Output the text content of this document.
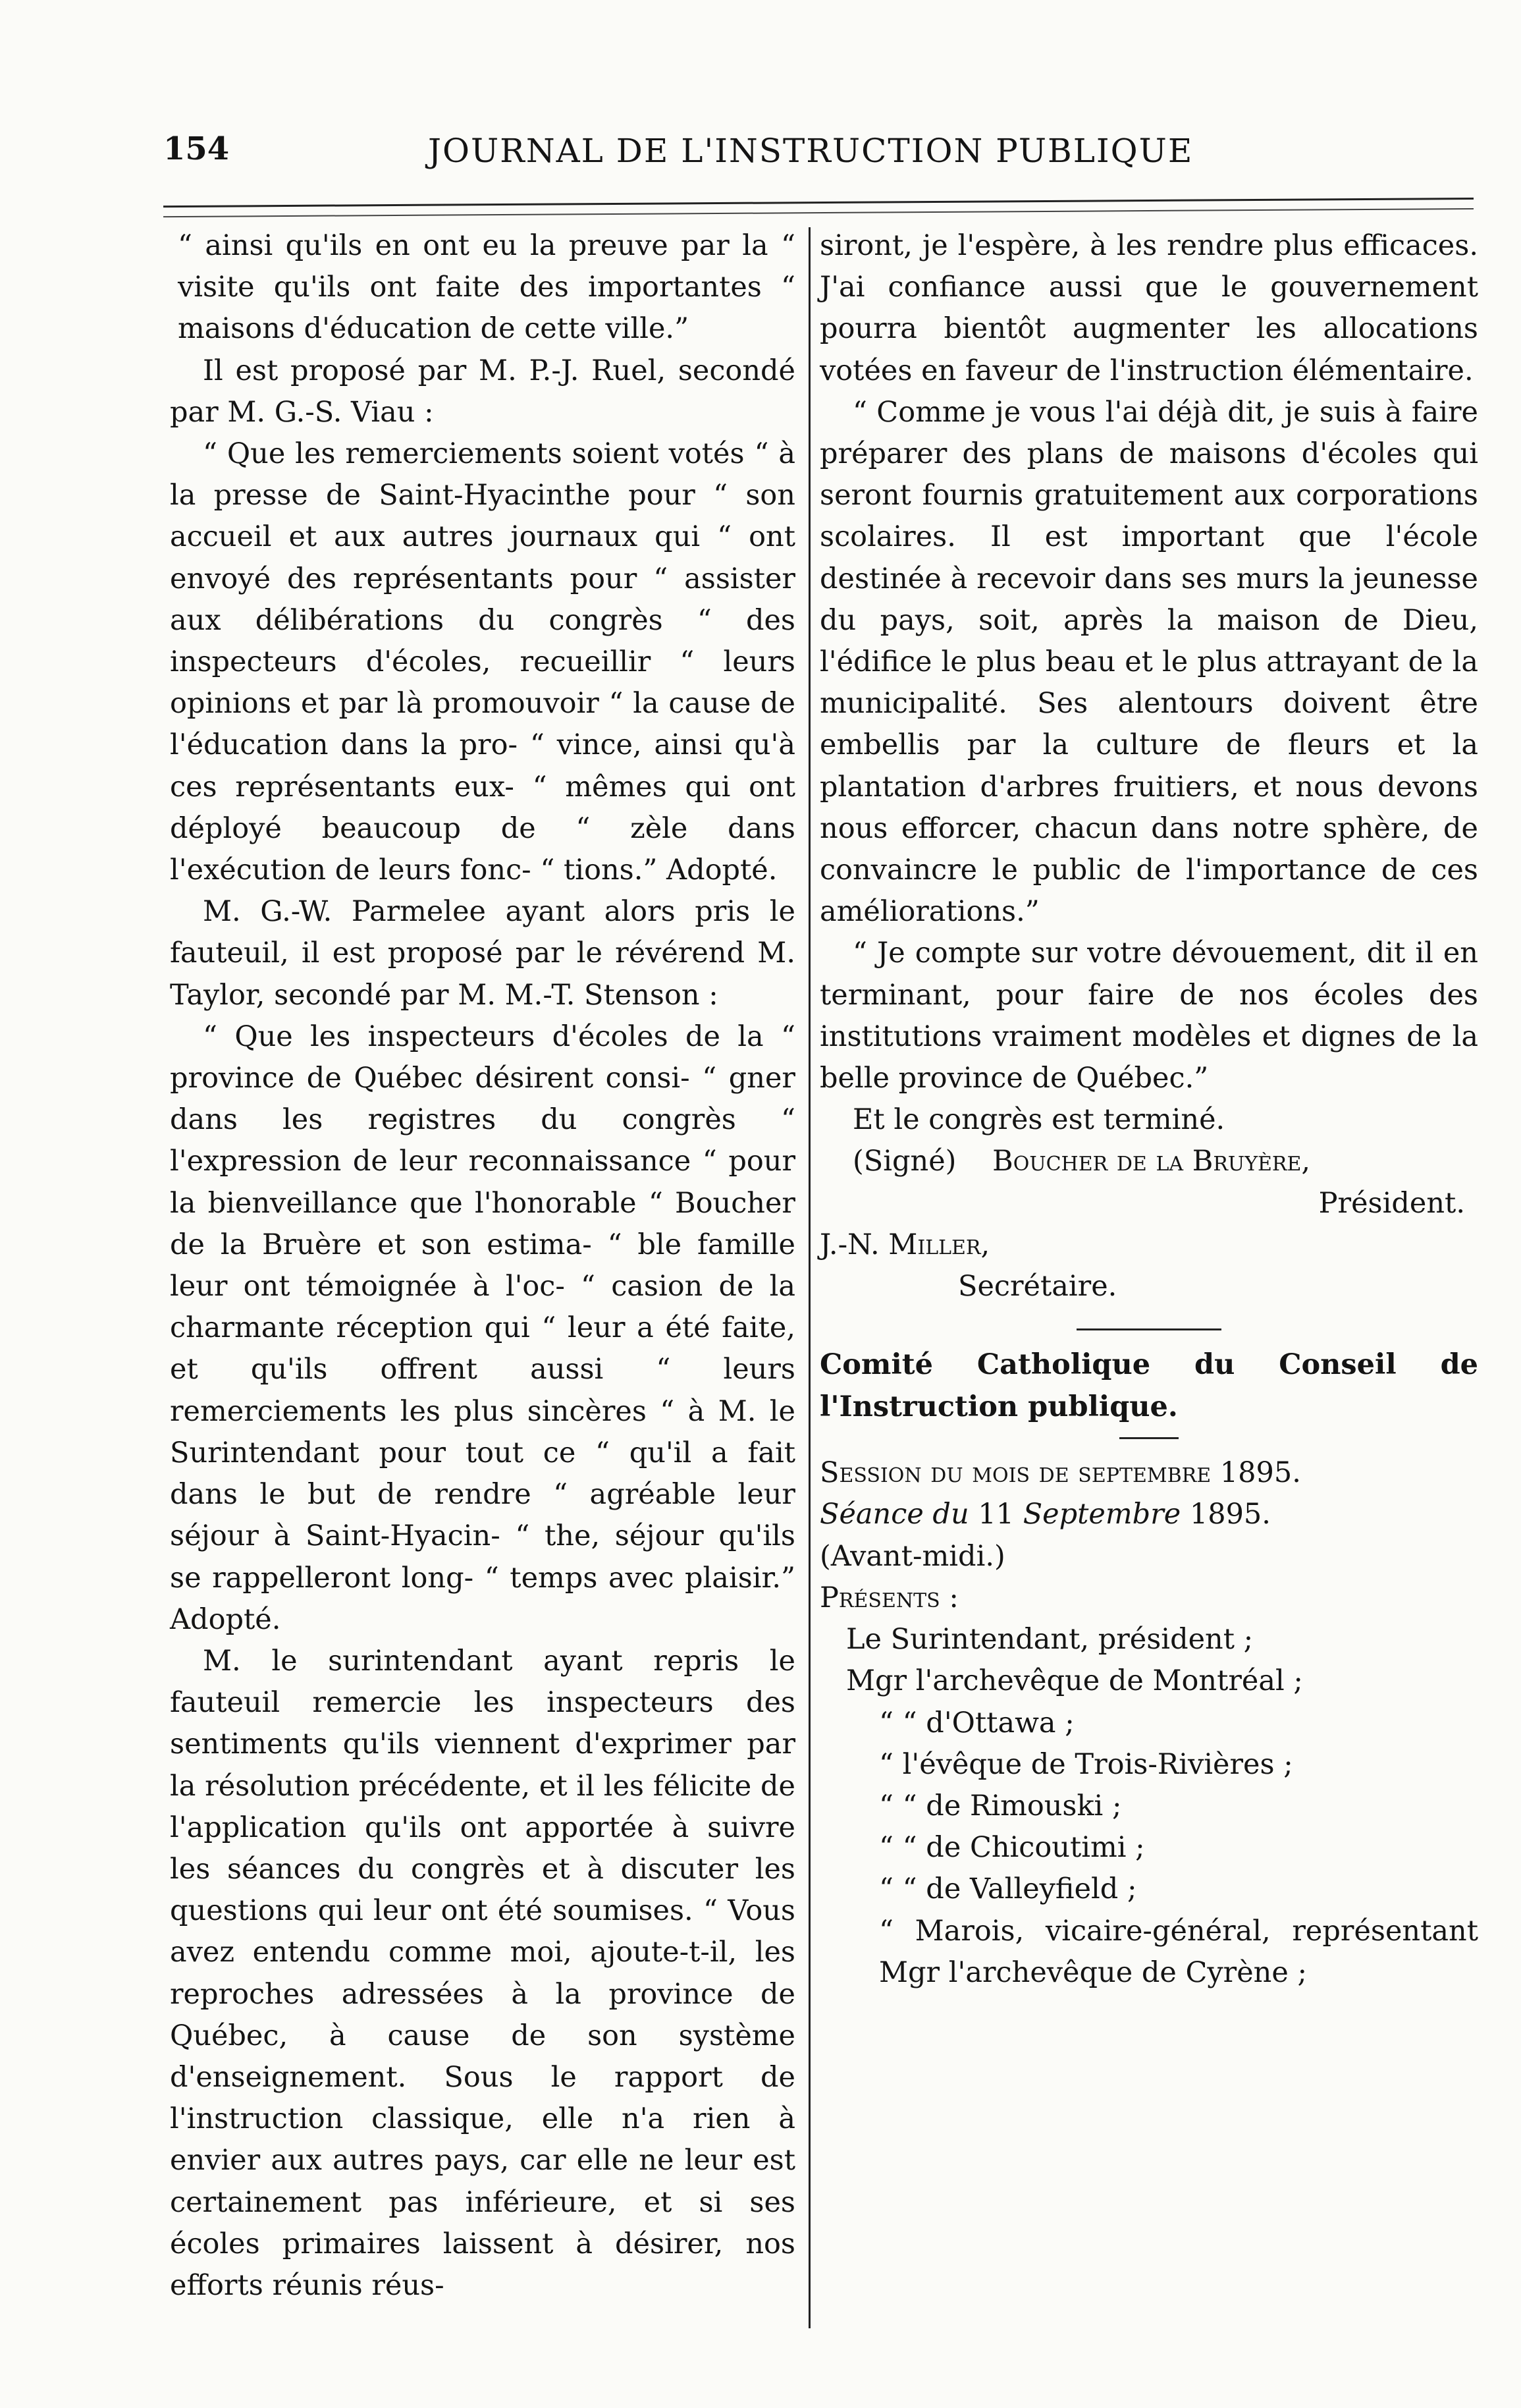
154	JOURNAL DE L'INSTRUCTION PUBLIQUE

“ ainsi qu'ils en ont eu la preuve par la “ visite qu'ils ont faite des importantes “ maisons d'éducation de cette ville.”

Il est proposé par M. P.-J. Ruel, secondé par M. G.-S. Viau :

“ Que les remerciements soient votés “ à la presse de Saint-Hyacinthe pour “ son accueil et aux autres journaux qui “ ont envoyé des représentants pour “ assister aux délibérations du congrès “ des inspecteurs d'écoles, recueillir “ leurs opinions et par là promouvoir “ la cause de l'éducation dans la pro- “ vince, ainsi qu'à ces représentants eux- “ mêmes qui ont déployé beaucoup de “ zèle dans l'exécution de leurs fonc- “ tions.” Adopté.

M. G.-W. Parmelee ayant alors pris le fauteuil, il est proposé par le révérend M. Taylor, secondé par M. M.-T. Stenson :

“ Que les inspecteurs d'écoles de la “ province de Québec désirent consi- “ gner dans les registres du congrès “ l'expression de leur reconnaissance “ pour la bienveillance que l'honorable “ Boucher de la Bruère et son estima- “ ble famille leur ont témoignée à l'oc- “ casion de la charmante réception qui “ leur a été faite, et qu'ils offrent aussi “ leurs remerciements les plus sincères “ à M. le Surintendant pour tout ce “ qu'il a fait dans le but de rendre “ agréable leur séjour à Saint-Hyacin- “ the, séjour qu'ils se rappelleront long- “ temps avec plaisir.” Adopté.

M. le surintendant ayant repris le fauteuil remercie les inspecteurs des sentiments qu'ils viennent d'exprimer par la résolution précédente, et il les félicite de l'application qu'ils ont apportée à suivre les séances du congrès et à discuter les questions qui leur ont été soumises. “ Vous avez entendu comme moi, ajoute-t-il, les reproches adressées à la province de Québec, à cause de son système d'enseignement. Sous le rapport de l'instruction classique, elle n'a rien à envier aux autres pays, car elle ne leur est certainement pas inférieure, et si ses écoles primaires laissent à désirer, nos efforts réunis réus-

siront, je l'espère, à les rendre plus efficaces. J'ai confiance aussi que le gouvernement pourra bientôt augmenter les allocations votées en faveur de l'instruction élémentaire.

“ Comme je vous l'ai déjà dit, je suis à faire préparer des plans de maisons d'écoles qui seront fournis gratuitement aux corporations scolaires. Il est important que l'école destinée à recevoir dans ses murs la jeunesse du pays, soit, après la maison de Dieu, l'édifice le plus beau et le plus attrayant de la municipalité. Ses alentours doivent être embellis par la culture de fleurs et la plantation d'arbres fruitiers, et nous devons nous efforcer, chacun dans notre sphère, de convaincre le public de l'importance de ces améliorations.”

“ Je compte sur votre dévouement, dit il en terminant, pour faire de nos écoles des institutions vraiment modèles et dignes de la belle province de Québec.”

Et le congrès est terminé.

(Signé) Boucher de la Bruyère,

Président.

J.-N. Miller,

Secrétaire.

Comité Catholique du Conseil de l'Instruction publique.

Session du mois de septembre 1895.

Séance du 11 Septembre 1895.

(Avant-midi.)

Présents :

Le Surintendant, président ;

Mgr l'archevêque de Montréal ;

“ “ d'Ottawa ;

“ l'évêque de Trois-Rivières ;

“ “ de Rimouski ;

“ “ de Chicoutimi ;

“ “ de Valleyfield ;

“ Marois, vicaire-général, représentant Mgr l'archevêque de Cyrène ;
